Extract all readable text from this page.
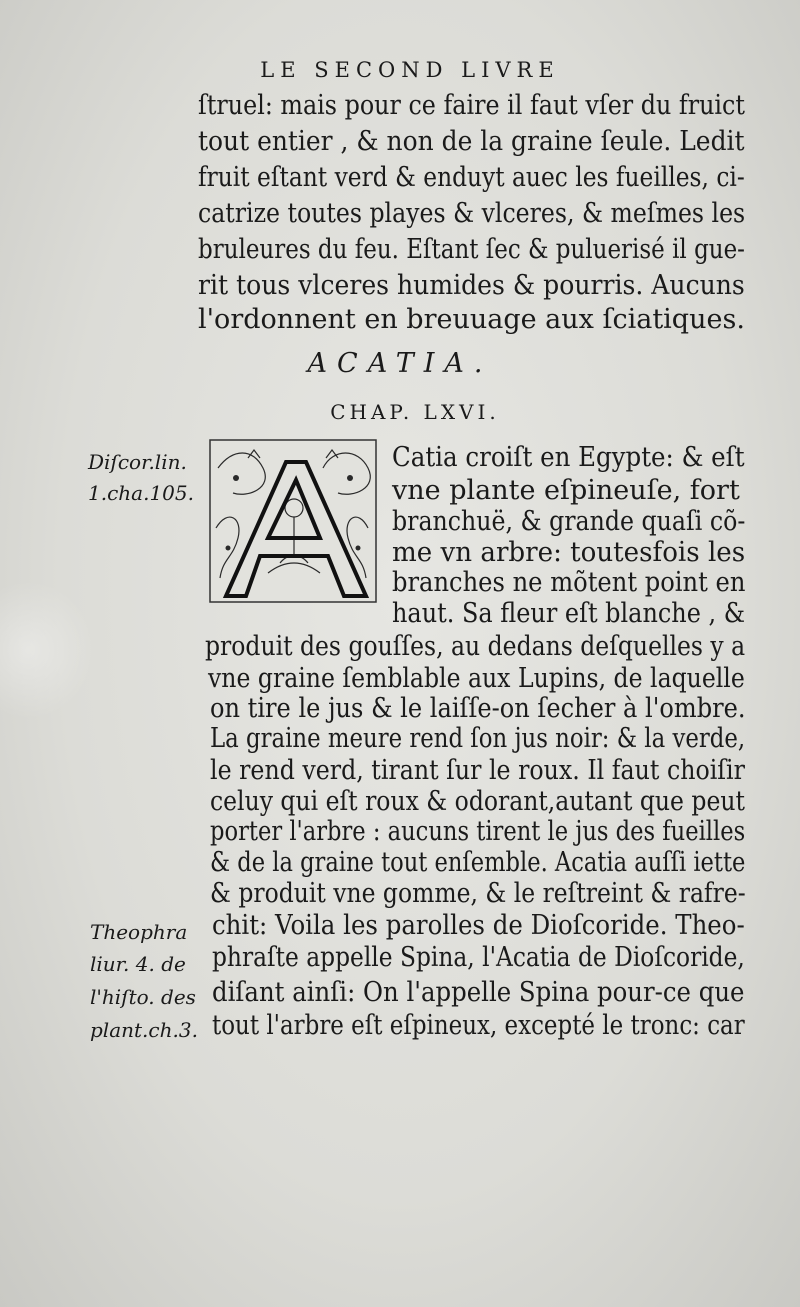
LE SECOND LIVRE
ſtruel: mais pour ce faire il faut vſer du fruict
tout entier , & non de la graine ſeule. Ledit
fruit eſtant verd & enduyt auec les fueilles, ci-
catrize toutes playes & vlceres, & meſmes les
bruleures du feu. Eſtant ſec & puluerisé il gue-
rit tous vlceres humides & pourris. Aucuns
l'ordonnent en breuuage aux ſciatiques.
ACATIA.
CHAP. LXVI.
Diſcor.lin.
1.cha.105.
Catia croiſt en Egypte: & eſt
vne plante eſpineuſe, fort
branchuë, & grande quaſi cõ-
me vn arbre: toutesfois les
branches ne mõtent point en
haut. Sa fleur eſt blanche , &
produit des gouſſes, au dedans deſquelles y a
vne graine ſemblable aux Lupins, de laquelle
on tire le jus & le laiſſe-on ſecher à l'ombre.
La graine meure rend ſon jus noir: & la verde,
le rend verd, tirant ſur le roux. Il faut choiſir
celuy qui eſt roux & odorant,autant que peut
porter l'arbre : aucuns tirent le jus des fueilles
& de la graine tout enſemble. Acatia auſſi iette
& produit vne gomme, & le reſtreint & rafre-
chit: Voila les parolles de Dioſcoride. Theo-
phraſte appelle Spina, l'Acatia de Dioſcoride,
diſant ainſi: On l'appelle Spina pour-ce que
tout l'arbre eſt eſpineux, excepté le tronc: car
Theophra
liur. 4. de
l'hiſto. des
plant.ch.3.
